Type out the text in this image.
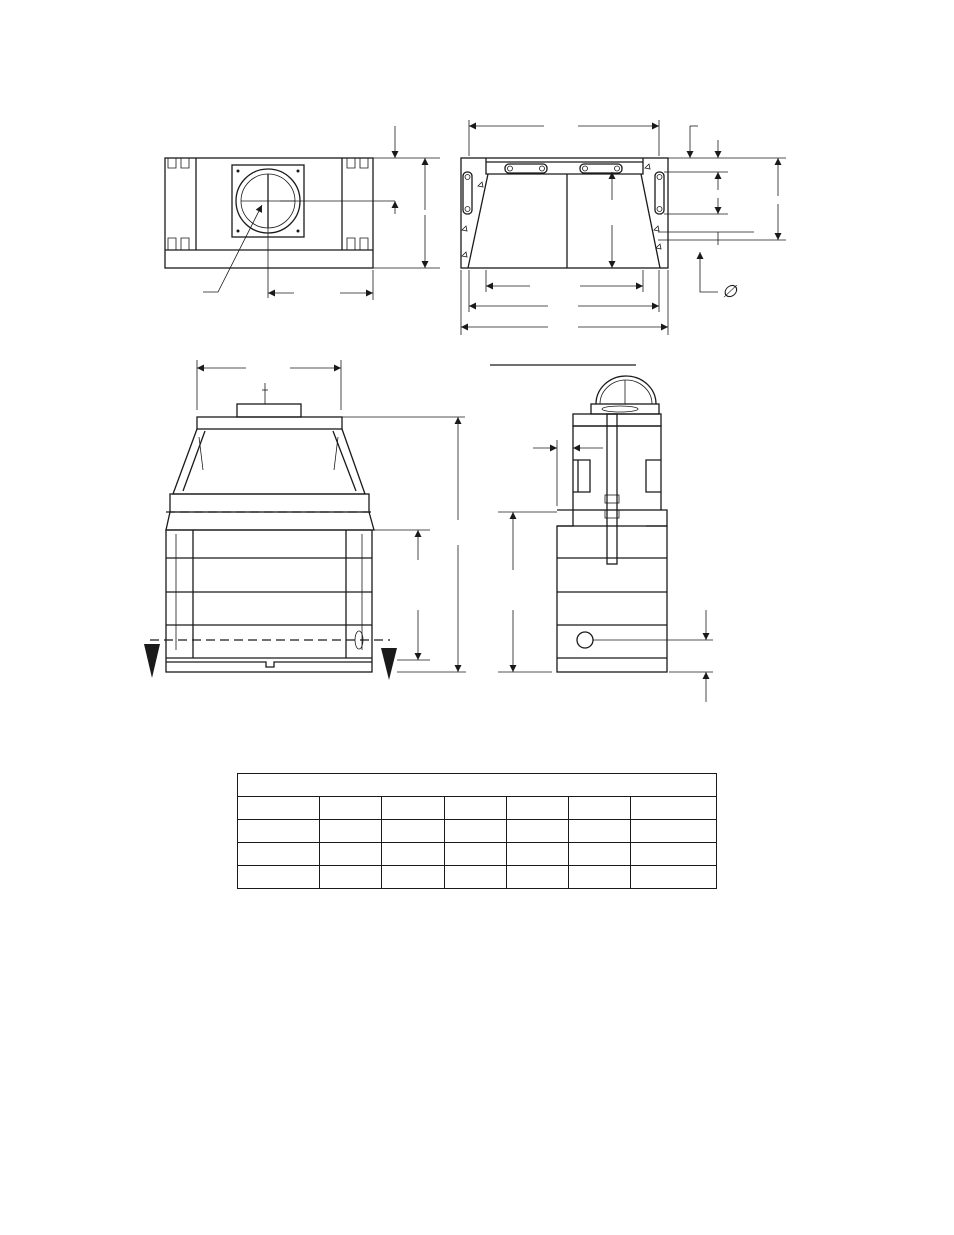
∅
